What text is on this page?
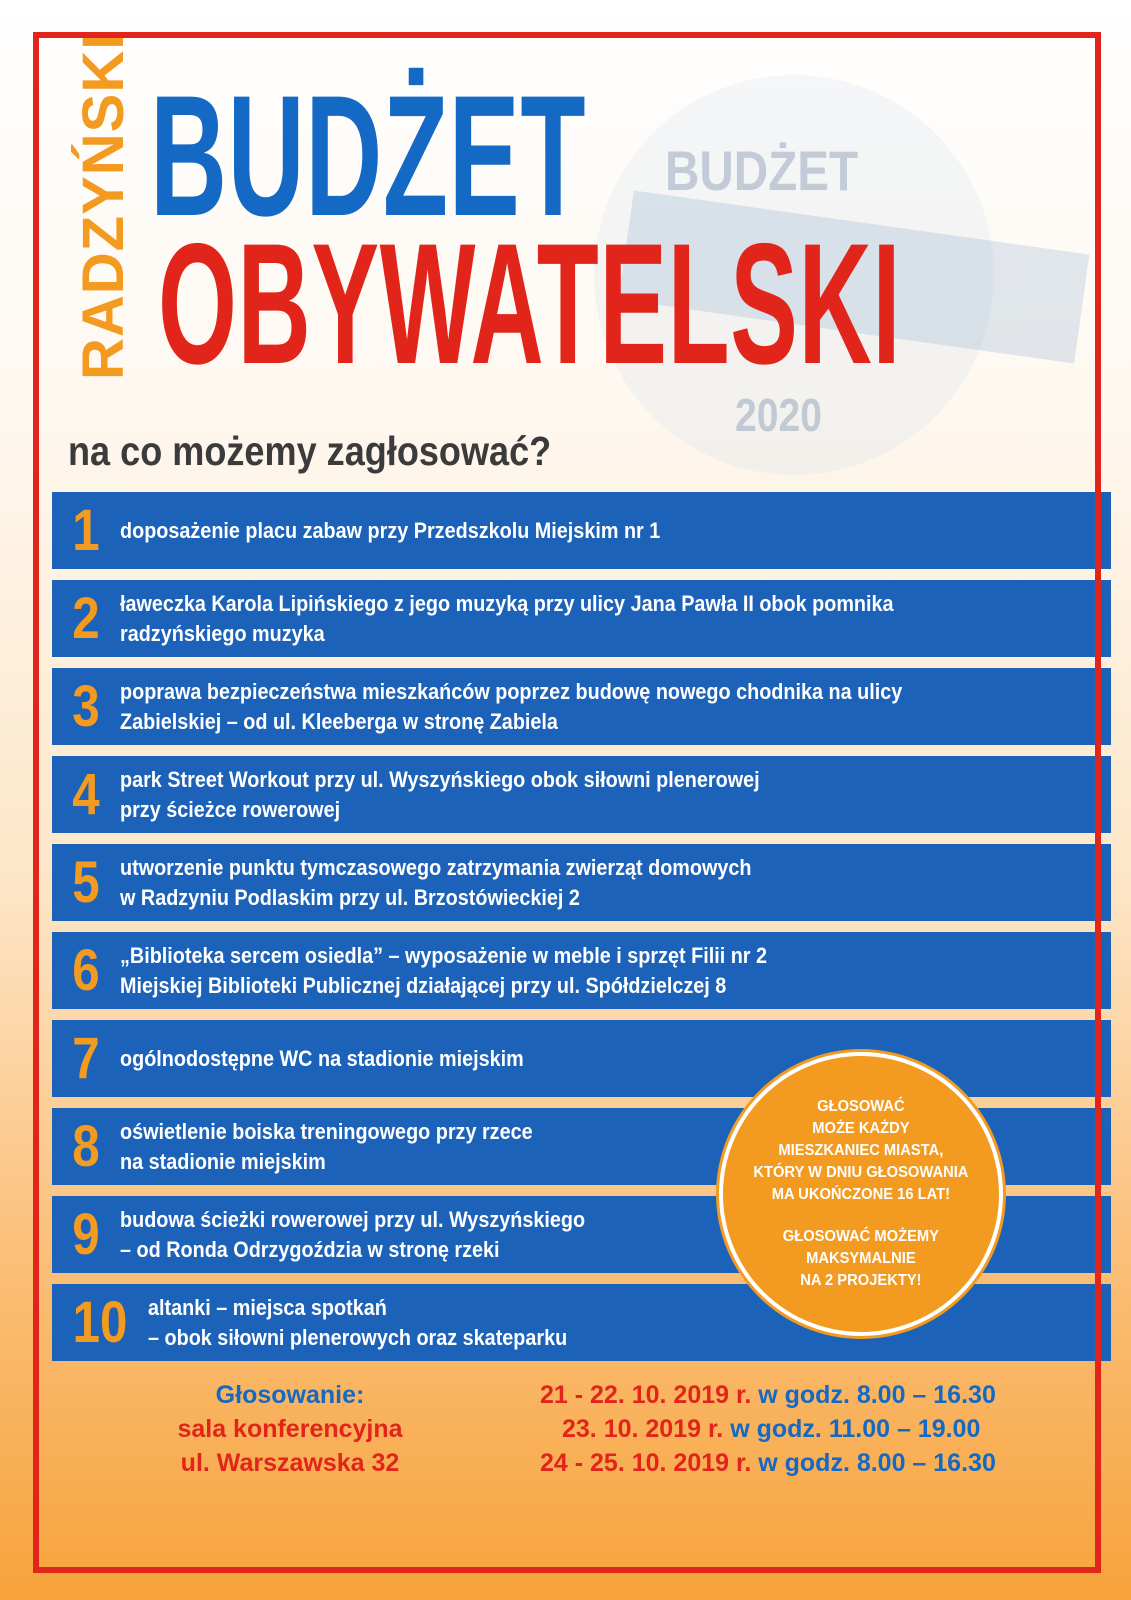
BUDŻET
2020
RADZYŃSKI BUDŻET
OBYWATELSKI
na co możemy zagłosować?
1 doposażenie placu zabaw przy Przedszkolu Miejskim nr 1
2 ławeczka Karola Lipińskiego z jego muzyką przy ulicy Jana Pawła II obok pomnika
radzyńskiego muzyka
3 poprawa bezpieczeństwa mieszkańców poprzez budowę nowego chodnika na ulicy
Zabielskiej – od ul. Kleeberga w stronę Zabiela
4 park Street Workout przy ul. Wyszyńskiego obok siłowni plenerowej
przy ścieżce rowerowej
5 utworzenie punktu tymczasowego zatrzymania zwierząt domowych
w Radzyniu Podlaskim przy ul. Brzostówieckiej 2
6 „Biblioteka sercem osiedla” – wyposażenie w meble i sprzęt Filii nr 2
Miejskiej Biblioteki Publicznej działającej przy ul. Spółdzielczej 8
7 ogólnodostępne WC na stadionie miejskim
8 oświetlenie boiska treningowego przy rzece
na stadionie miejskim
9 budowa ścieżki rowerowej przy ul. Wyszyńskiego
– od Ronda Odrzygoździa w stronę rzeki
10 altanki – miejsca spotkań
– obok siłowni plenerowych oraz skateparku

GŁOSOWAĆ
MOŻE KAŻDY
MIESZKANIEC MIASTA,
KTÓRY W DNIU GŁOSOWANIA
MA UKOŃCZONE 16 LAT!

GŁOSOWAĆ MOŻEMY
MAKSYMALNIE
NA 2 PROJEKTY!

Głosowanie:
sala konferencyjna
ul. Warszawska 32
21 - 22. 10. 2019 r. w godz. 8.00 – 16.30
23. 10. 2019 r. w godz. 11.00 – 19.00
24 - 25. 10. 2019 r. w godz. 8.00 – 16.30
